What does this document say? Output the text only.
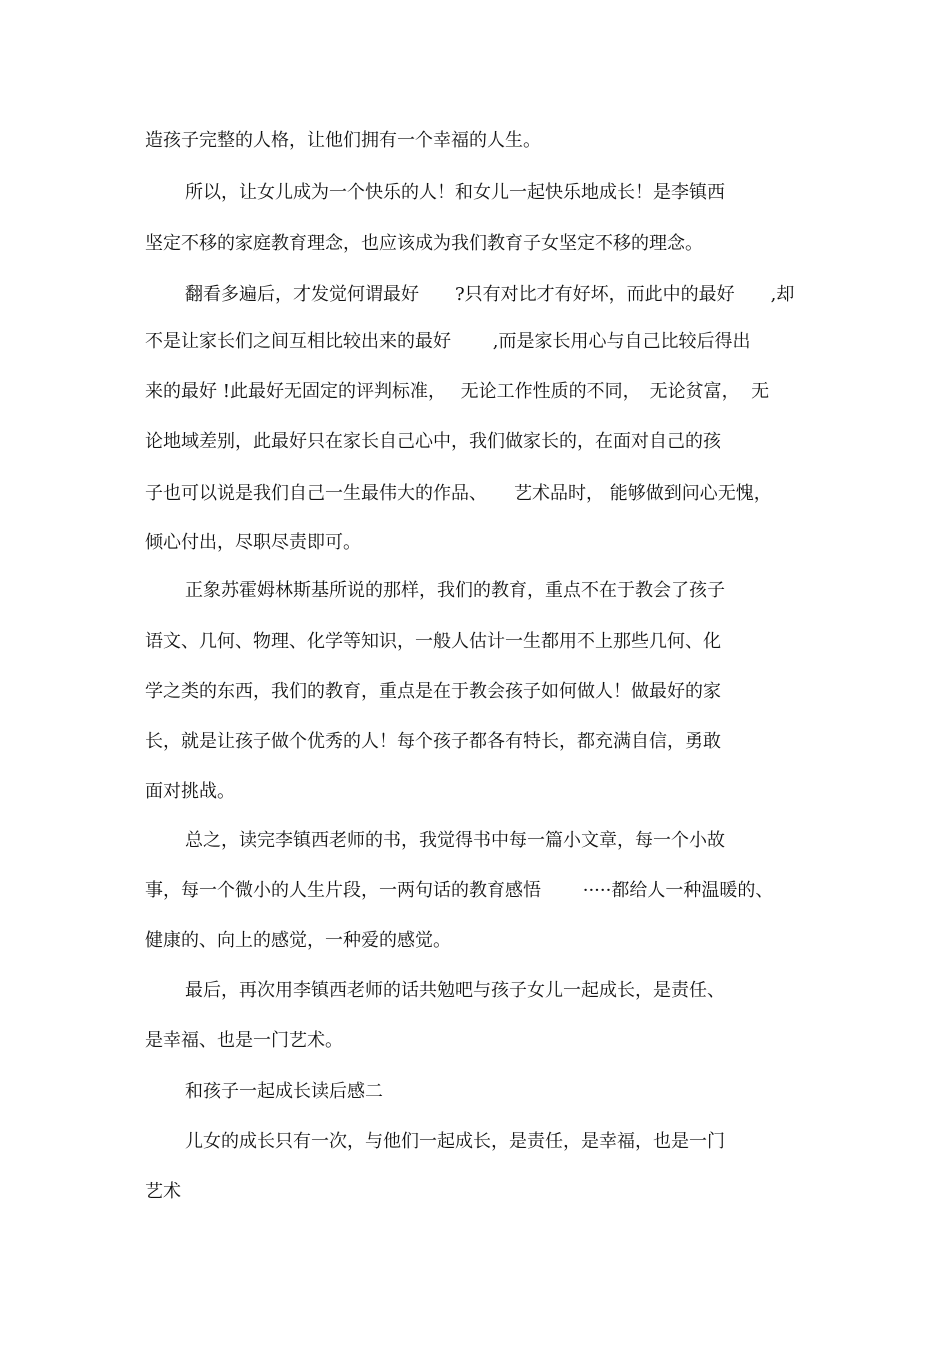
造孩子完整的人格，让他们拥有一个幸福的人生。
所以，让女儿成为一个快乐的人！和女儿一起快乐地成长！是李镇西
坚定不移的家庭教育理念，也应该成为我们教育子女坚定不移的理念。
翻看多遍后，才发觉何谓最好　　?只有对比才有好坏，而此中的最好　　,却
不是让家长们之间互相比较出来的最好　　 ,而是家长用心与自己比较后得出
来的最好 !此最好无固定的评判标准，　 无论工作性质的不同，　无论贫富，  无
论地域差别，此最好只在家长自己心中，我们做家长的，在面对自己的孩
子也可以说是我们自己一生最伟大的作品、　　艺术品时， 能够做到问心无愧，
倾心付出，尽职尽责即可。
正象苏霍姆林斯基所说的那样，我们的教育，重点不在于教会了孩子
语文、几何、物理、化学等知识，一般人估计一生都用不上那些几何、化
学之类的东西，我们的教育，重点是在于教会孩子如何做人！做最好的家
长，就是让孩子做个优秀的人！每个孩子都各有特长，都充满自信，勇敢
面对挑战。
总之，读完李镇西老师的书，我觉得书中每一篇小文章，每一个小故
事，每一个微小的人生片段，一两句话的教育感悟　　 ·····都给人一种温暖的、
健康的、向上的感觉，一种爱的感觉。
最后，再次用李镇西老师的话共勉吧与孩子女儿一起成长，是责任、
是幸福、也是一门艺术。
和孩子一起成长读后感二
儿女的成长只有一次，与他们一起成长，是责任，是幸福，也是一门
艺术
